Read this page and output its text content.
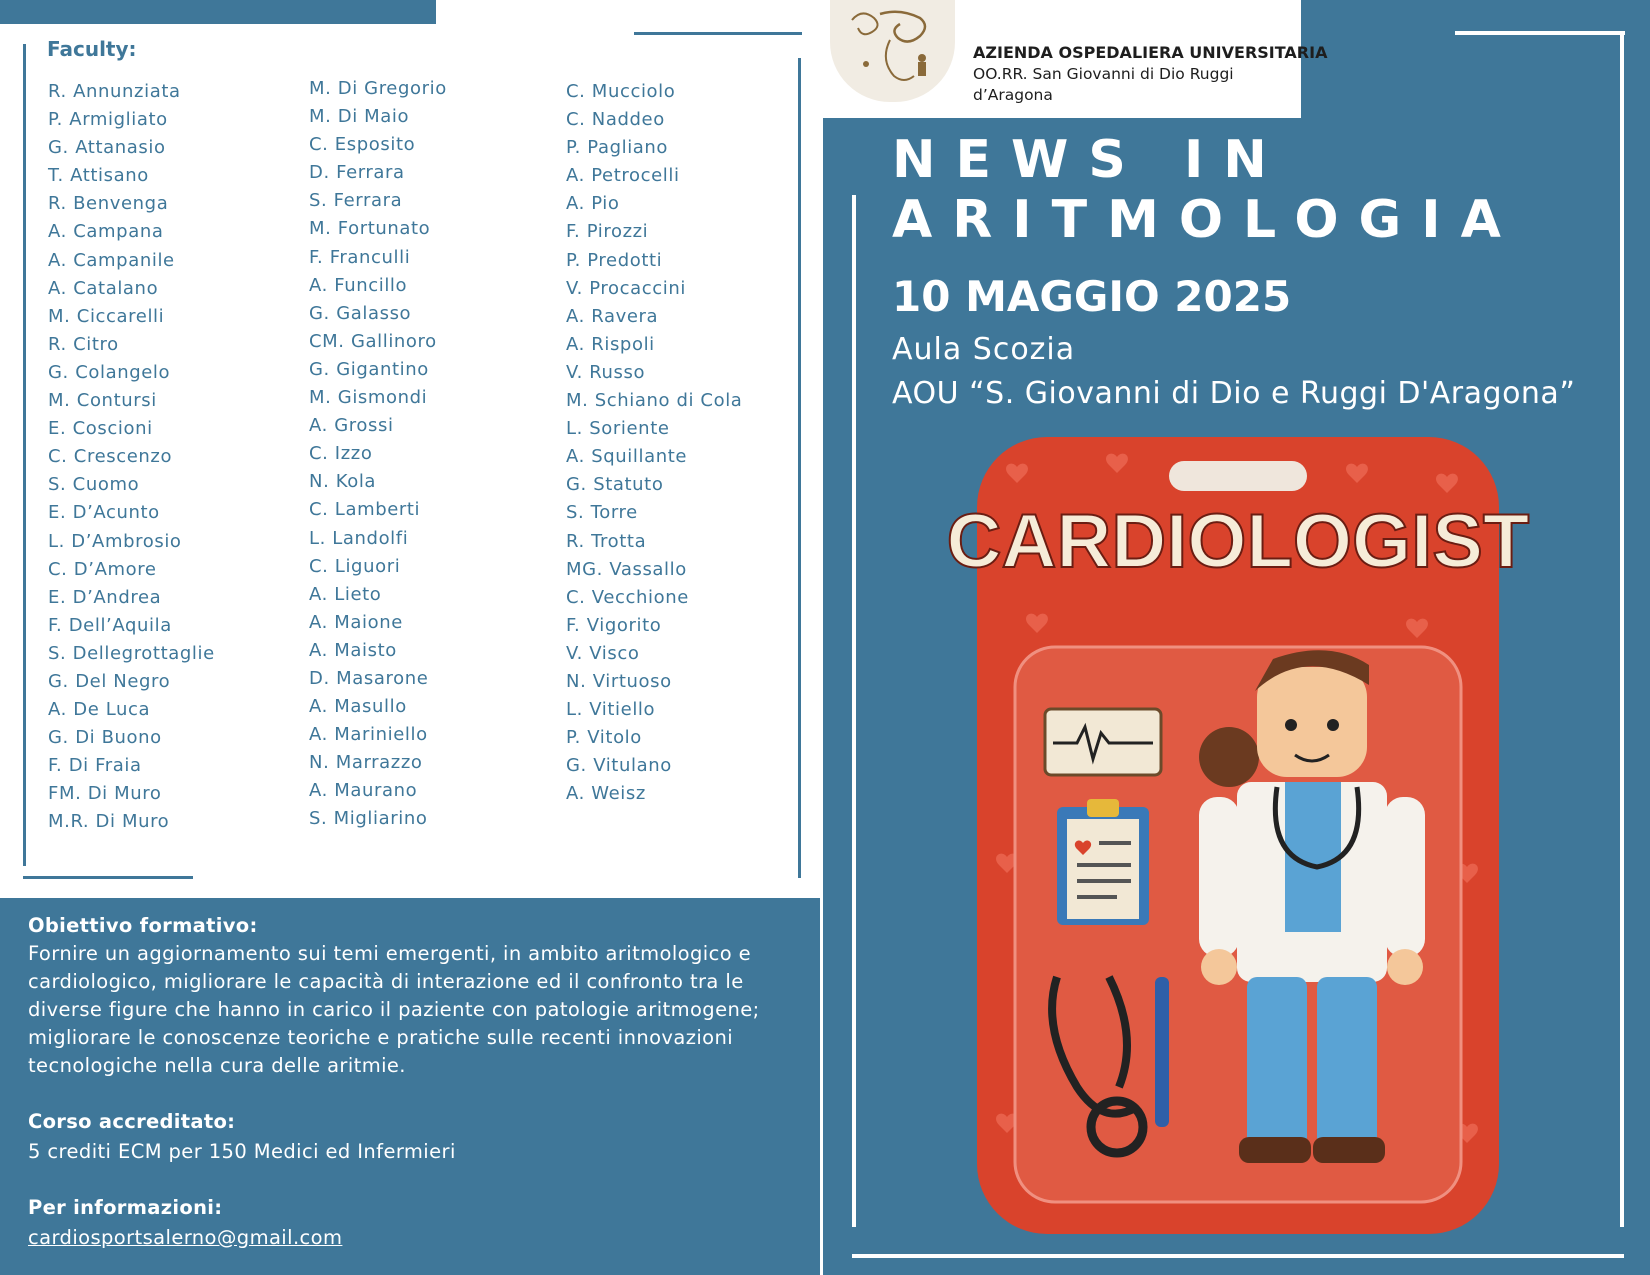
Faculty:
R. Annunziata
P. Armigliato
G. Attanasio
T. Attisano
R. Benvenga
A. Campana
A. Campanile
A. Catalano
M. Ciccarelli
R. Citro
G. Colangelo
M. Contursi
E. Coscioni
C. Crescenzo
S. Cuomo
E. D’Acunto
L. D’Ambrosio
C. D’Amore
E. D’Andrea
F. Dell’Aquila
S. Dellegrottaglie
G. Del Negro
A. De Luca
G. Di Buono
F. Di Fraia
FM. Di Muro
M.R. Di Muro
M. Di Gregorio
M. Di Maio
C. Esposito
D. Ferrara
S. Ferrara
M. Fortunato
F. Franculli
A. Funcillo
G. Galasso
CM. Gallinoro
G. Gigantino
M. Gismondi
A. Grossi
C. Izzo
N. Kola
C. Lamberti
L. Landolfi
C. Liguori
A. Lieto
A. Maione
A. Maisto
D. Masarone
A. Masullo
A. Mariniello
N. Marrazzo
A. Maurano
S. Migliarino
C. Mucciolo
C. Naddeo
P. Pagliano
A. Petrocelli
A. Pio
F. Pirozzi
P. Predotti
V. Procaccini
A. Ravera
A. Rispoli
V. Russo
M. Schiano di Cola
L. Soriente
A. Squillante
G. Statuto
S. Torre
R. Trotta
MG. Vassallo
C. Vecchione
F. Vigorito
V. Visco
N. Virtuoso
L. Vitiello
P. Vitolo
G. Vitulano
A. Weisz
Obiettivo formativo:
Fornire un aggiornamento sui temi emergenti, in ambito aritmologico e
cardiologico, migliorare le capacità di interazione ed il confronto tra le
diverse figure che hanno in carico il paziente con patologie aritmogene;
migliorare le conoscenze teoriche e pratiche sulle recenti innovazioni
tecnologiche nella cura delle aritmie.
Corso accreditato:
5 crediti ECM per 150 Medici ed Infermieri
Per informazioni:
cardiosportsalerno@gmail.com
AZIENDA OSPEDALIERA UNIVERSITARIA
OO.RR. San Giovanni di Dio Ruggi
d’Aragona
NEWS IN
ARITMOLOGIA
10 MAGGIO 2025
Aula Scozia
AOU “S. Giovanni di Dio e Ruggi D'Aragona”
CARDIOLOGIST
